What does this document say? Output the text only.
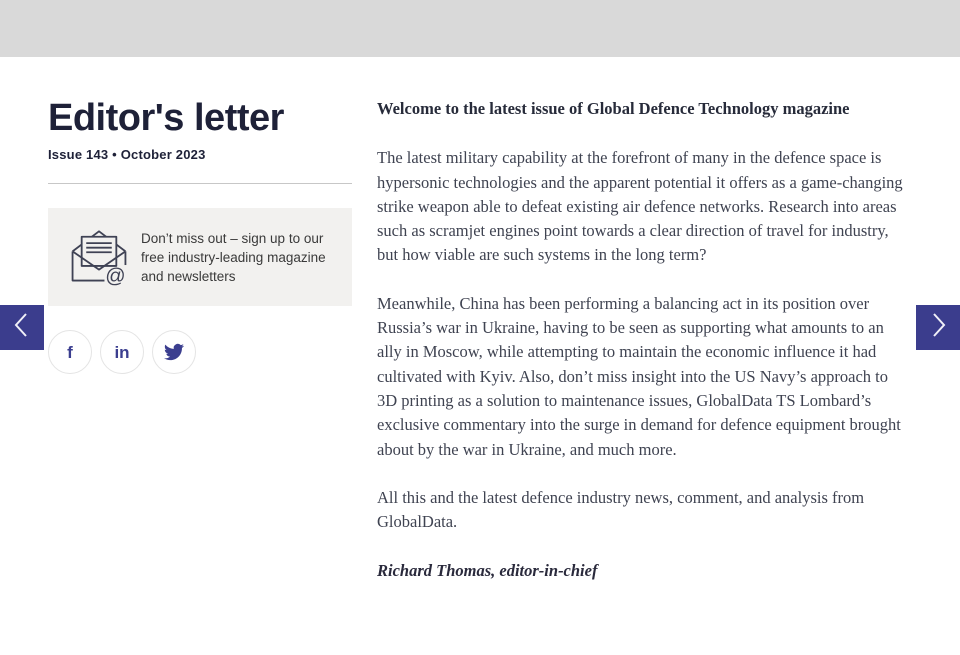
Editor's letter
Issue 143 • October 2023
@
Don’t miss out – sign up to our free industry-leading magazine and newsletters
f in

Welcome to the latest issue of Global Defence Technology magazine

The latest military capability at the forefront of many in the defence space is hypersonic technologies and the apparent potential it offers as a game-changing strike weapon able to defeat existing air defence networks. Research into areas such as scramjet engines point towards a clear direction of travel for industry, but how viable are such systems in the long term?

Meanwhile, China has been performing a balancing act in its position over Russia’s war in Ukraine, having to be seen as supporting what amounts to an ally in Moscow, while attempting to maintain the economic influence it had cultivated with Kyiv. Also, don’t miss insight into the US Navy’s approach to 3D printing as a solution to maintenance issues, GlobalData TS Lombard’s exclusive commentary into the surge in demand for defence equipment brought about by the war in Ukraine, and much more.

All this and the latest defence industry news, comment, and analysis from GlobalData.

Richard Thomas, editor-in-chief
